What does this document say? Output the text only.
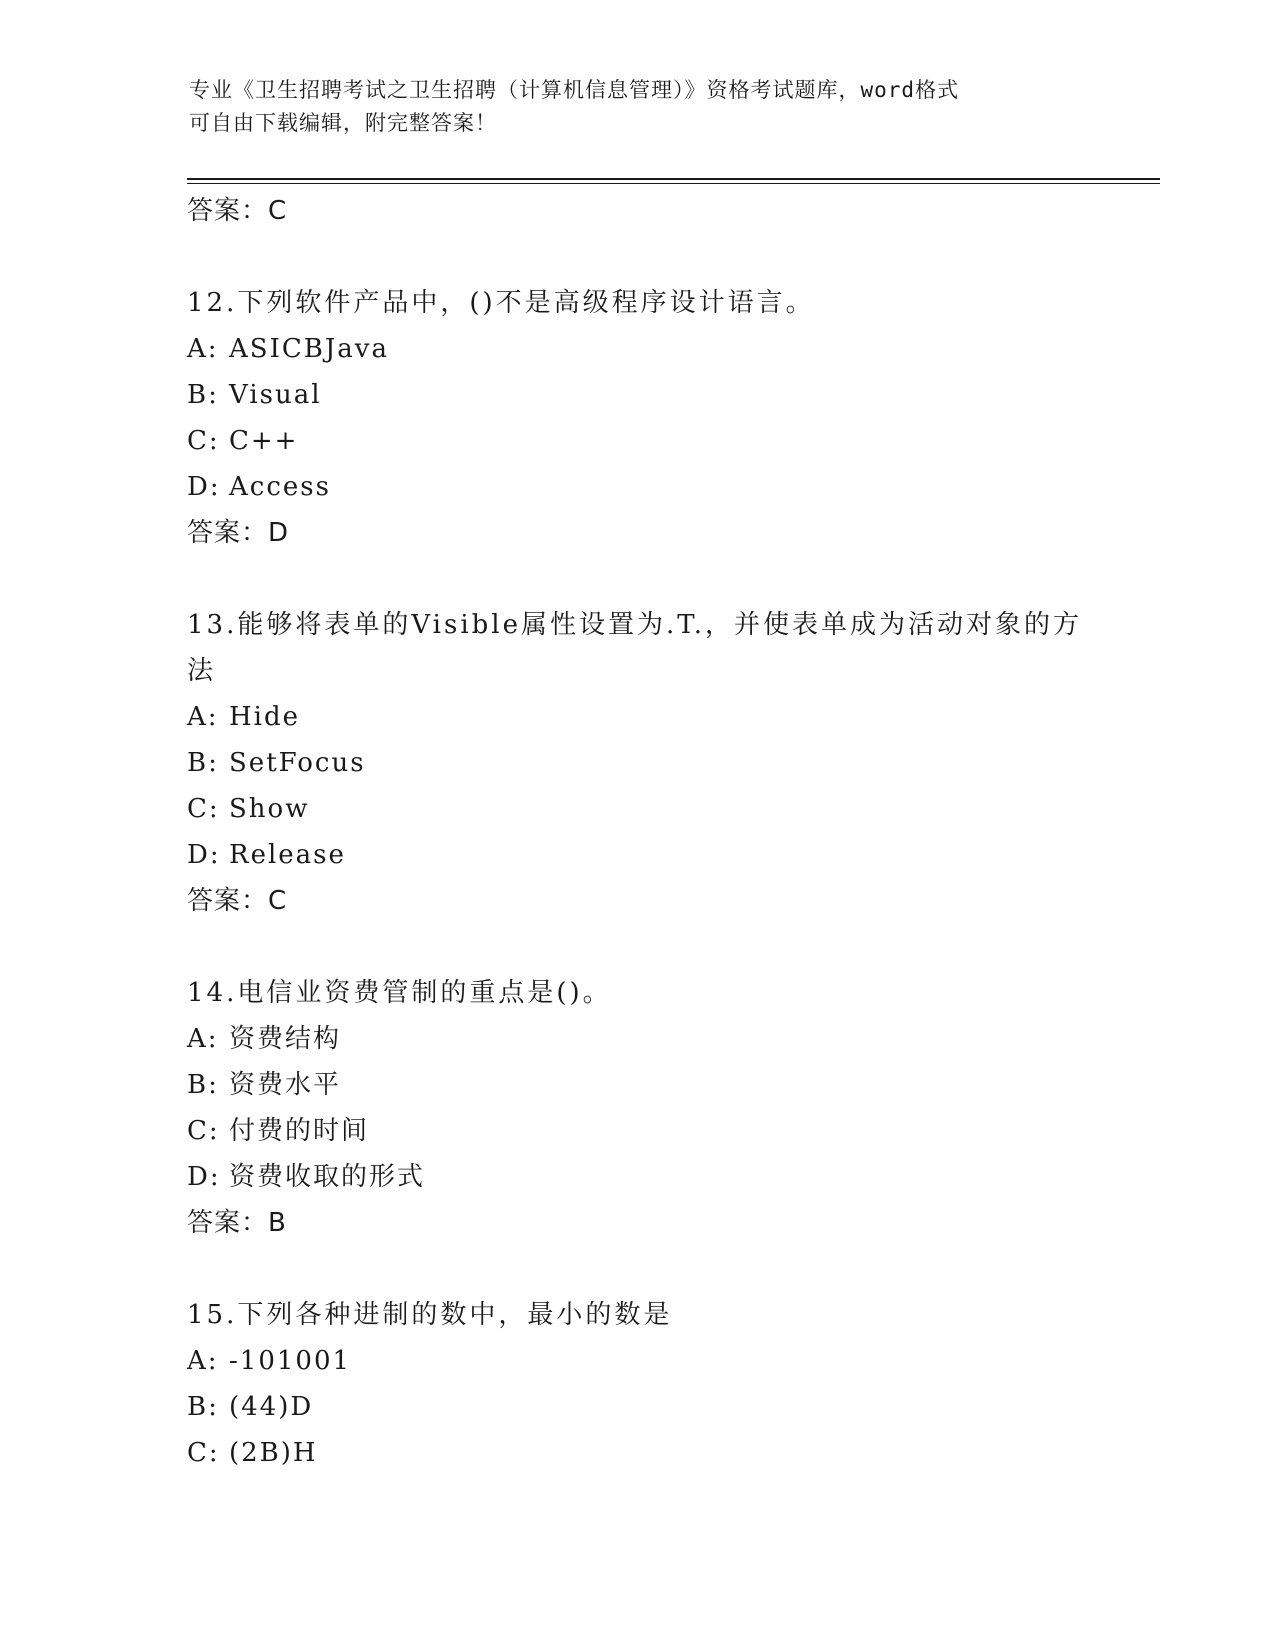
专业《卫生招聘考试之卫生招聘（计算机信息管理）》资格考试题库，word格式
可自由下载编辑，附完整答案！
答案：C
12.下列软件产品中，()不是高级程序设计语言。
A: ASICBJava
B: Visual
C: C++
D: Access
答案：D
13.能够将表单的Visible属性设置为.T.，并使表单成为活动对象的方法
A: Hide
B: SetFocus
C: Show
D: Release
答案：C
14.电信业资费管制的重点是()。
A: 资费结构
B: 资费水平
C: 付费的时间
D: 资费收取的形式
答案：B
15.下列各种进制的数中，最小的数是
A: -101001
B: (44)D
C: (2B)H
